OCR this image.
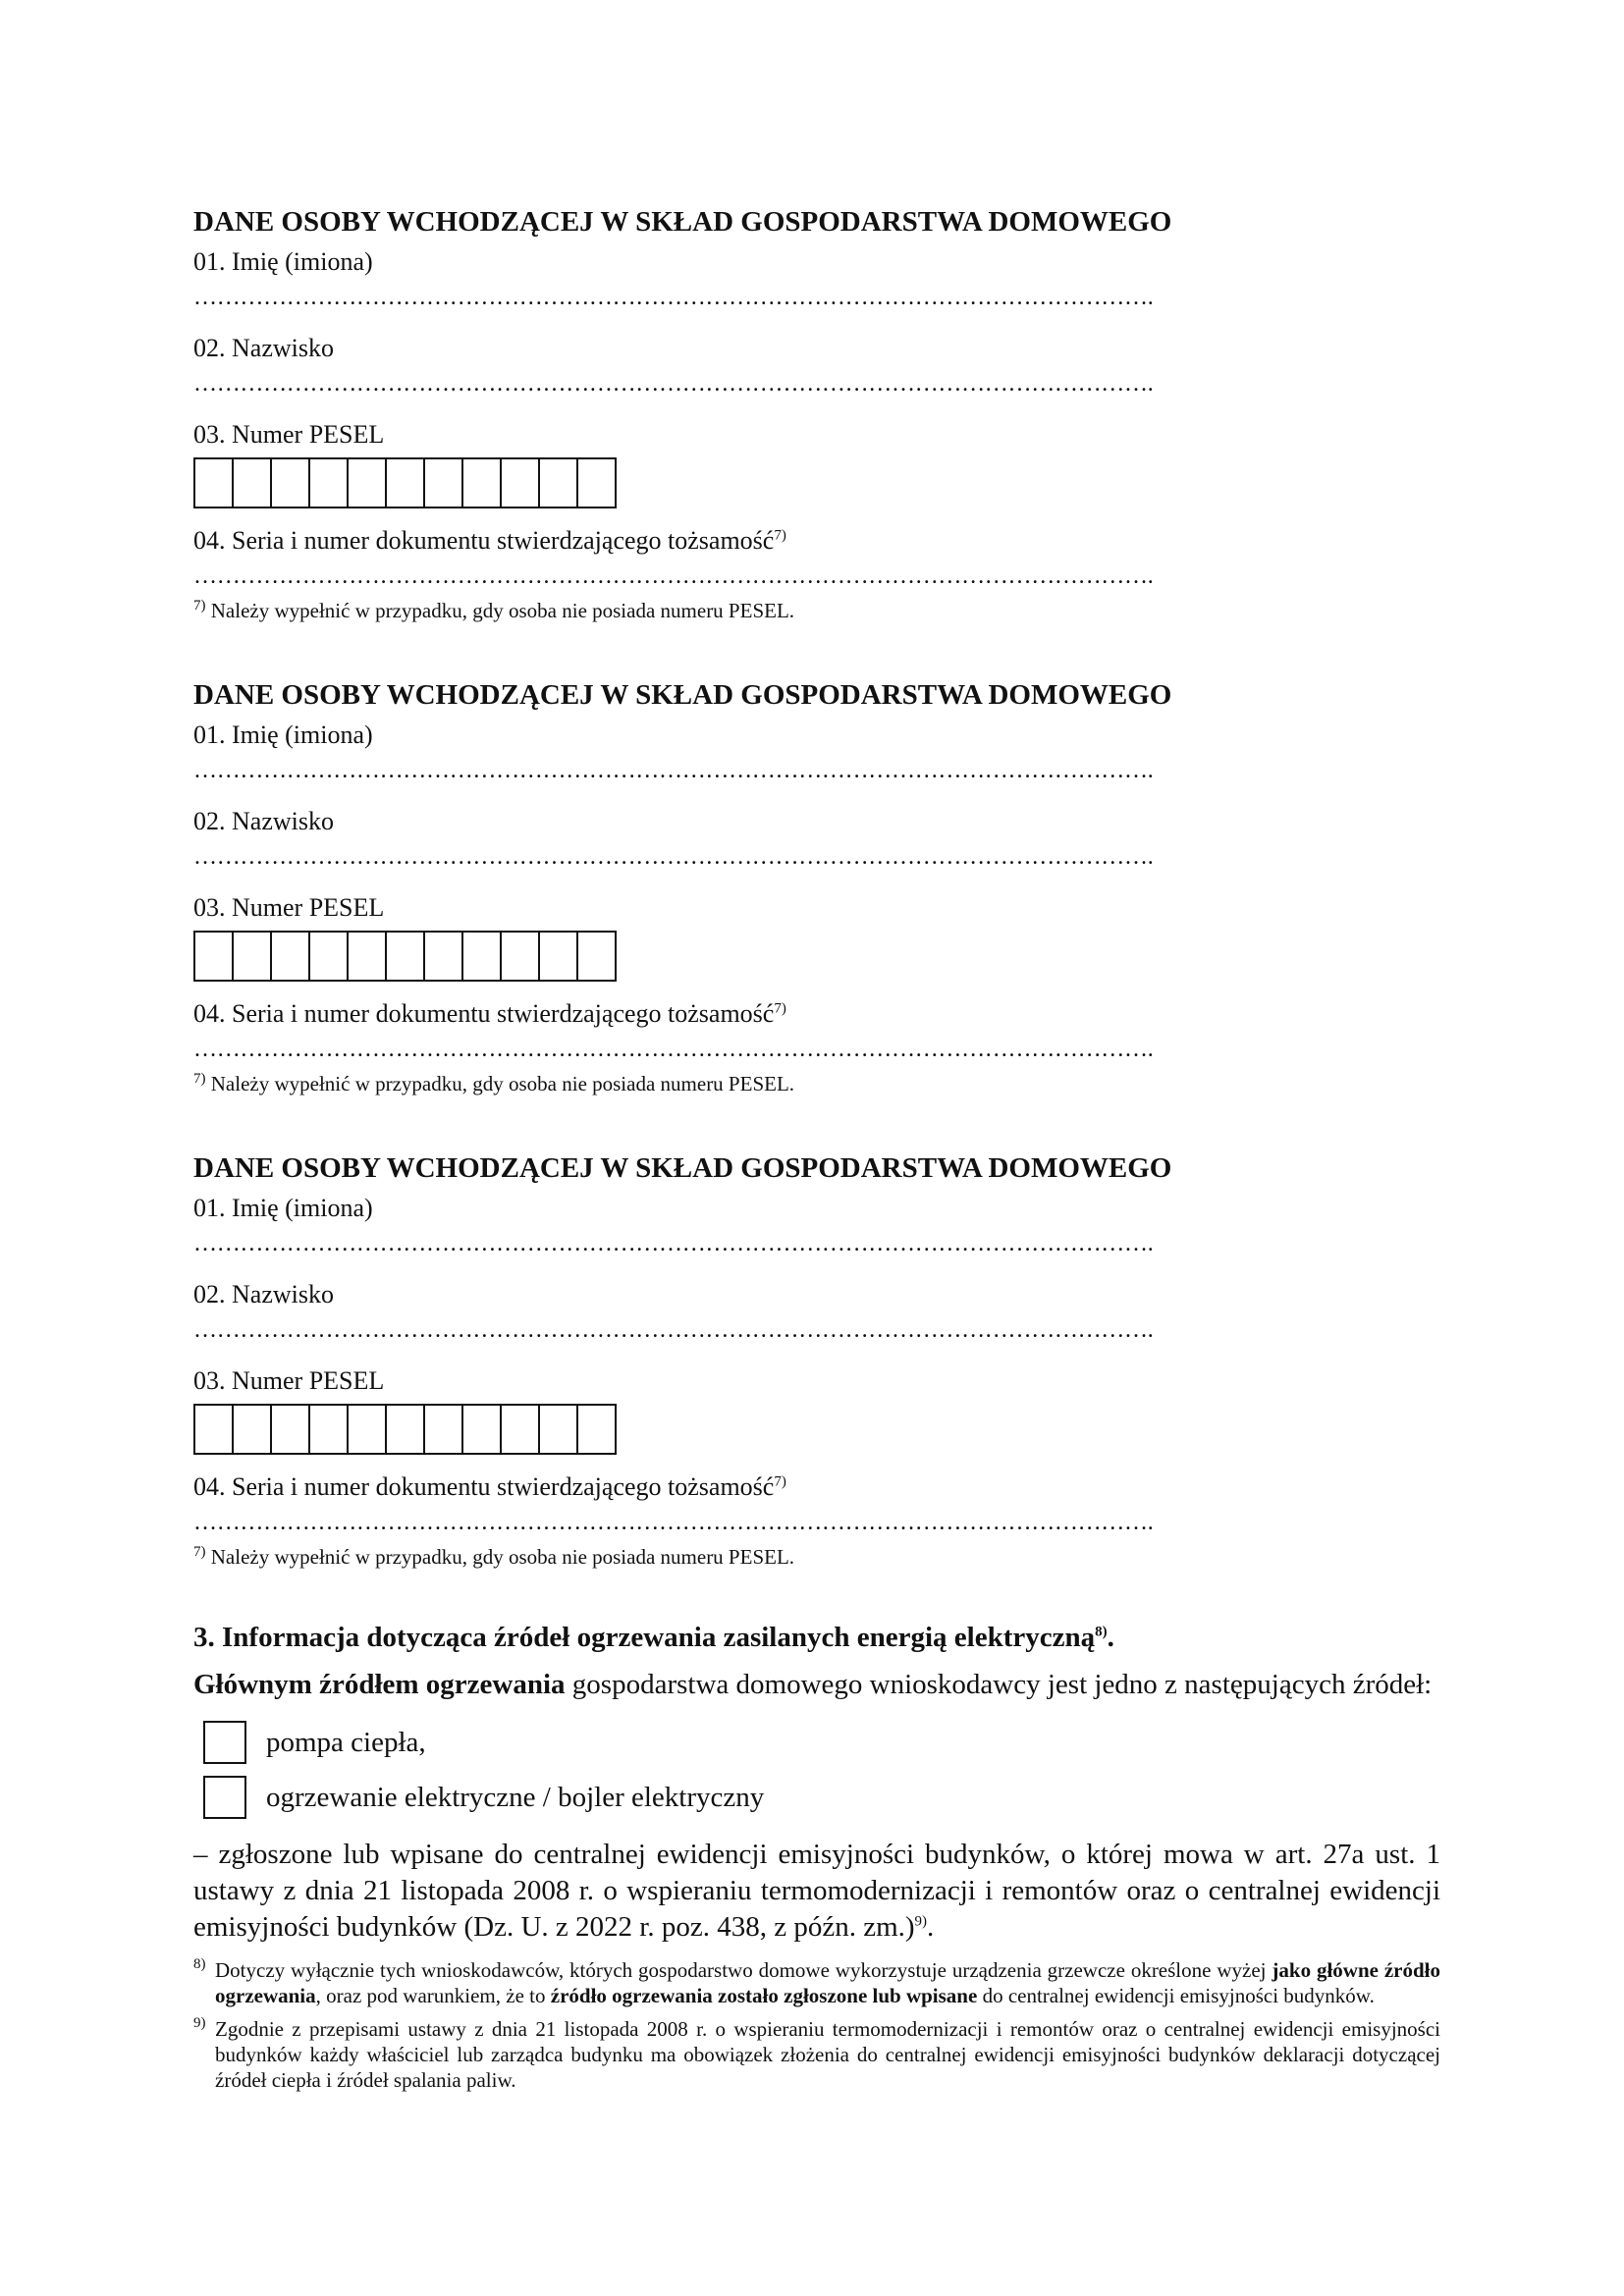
DANE OSOBY WCHODZĄCEJ W SKŁAD GOSPODARSTWA DOMOWEGO
01. Imię (imiona)
…………………………………………………………………………………………………………….
02. Nazwisko
…………………………………………………………………………………………………………….
03. Numer PESEL
04. Seria i numer dokumentu stwierdzającego tożsamość$^{7)}$
…………………………………………………………………………………………………………….
$^{7)}$ Należy wypełnić w przypadku, gdy osoba nie posiada numeru PESEL.
DANE OSOBY WCHODZĄCEJ W SKŁAD GOSPODARSTWA DOMOWEGO
01. Imię (imiona)
…………………………………………………………………………………………………………….
02. Nazwisko
…………………………………………………………………………………………………………….
03. Numer PESEL
04. Seria i numer dokumentu stwierdzającego tożsamość$^{7)}$
…………………………………………………………………………………………………………….
$^{7)}$ Należy wypełnić w przypadku, gdy osoba nie posiada numeru PESEL.
DANE OSOBY WCHODZĄCEJ W SKŁAD GOSPODARSTWA DOMOWEGO
01. Imię (imiona)
…………………………………………………………………………………………………………….
02. Nazwisko
…………………………………………………………………………………………………………….
03. Numer PESEL
04. Seria i numer dokumentu stwierdzającego tożsamość$^{7)}$
…………………………………………………………………………………………………………….
$^{7)}$ Należy wypełnić w przypadku, gdy osoba nie posiada numeru PESEL.
3. Informacja dotycząca źródeł ogrzewania zasilanych energią elektryczną$^{8)}$.
Głównym źródłem ogrzewania gospodarstwa domowego wnioskodawcy jest jedno z następujących źródeł:
pompa ciepła,
ogrzewanie elektryczne / bojler elektryczny
– zgłoszone lub wpisane do centralnej ewidencji emisyjności budynków, o której mowa w art. 27a ust. 1 ustawy z dnia 21 listopada 2008 r. o wspieraniu termomodernizacji i remontów oraz o centralnej ewidencji emisyjności budynków (Dz. U. z 2022 r. poz. 438, z późn. zm.)$^{9)}$.
8) Dotyczy wyłącznie tych wnioskodawców, których gospodarstwo domowe wykorzystuje urządzenia grzewcze określone wyżej jako główne źródło ogrzewania, oraz pod warunkiem, że to źródło ogrzewania zostało zgłoszone lub wpisane do centralnej ewidencji emisyjności budynków.
9) Zgodnie z przepisami ustawy z dnia 21 listopada 2008 r. o wspieraniu termomodernizacji i remontów oraz o centralnej ewidencji emisyjności budynków każdy właściciel lub zarządca budynku ma obowiązek złożenia do centralnej ewidencji emisyjności budynków deklaracji dotyczącej źródeł ciepła i źródeł spalania paliw.
